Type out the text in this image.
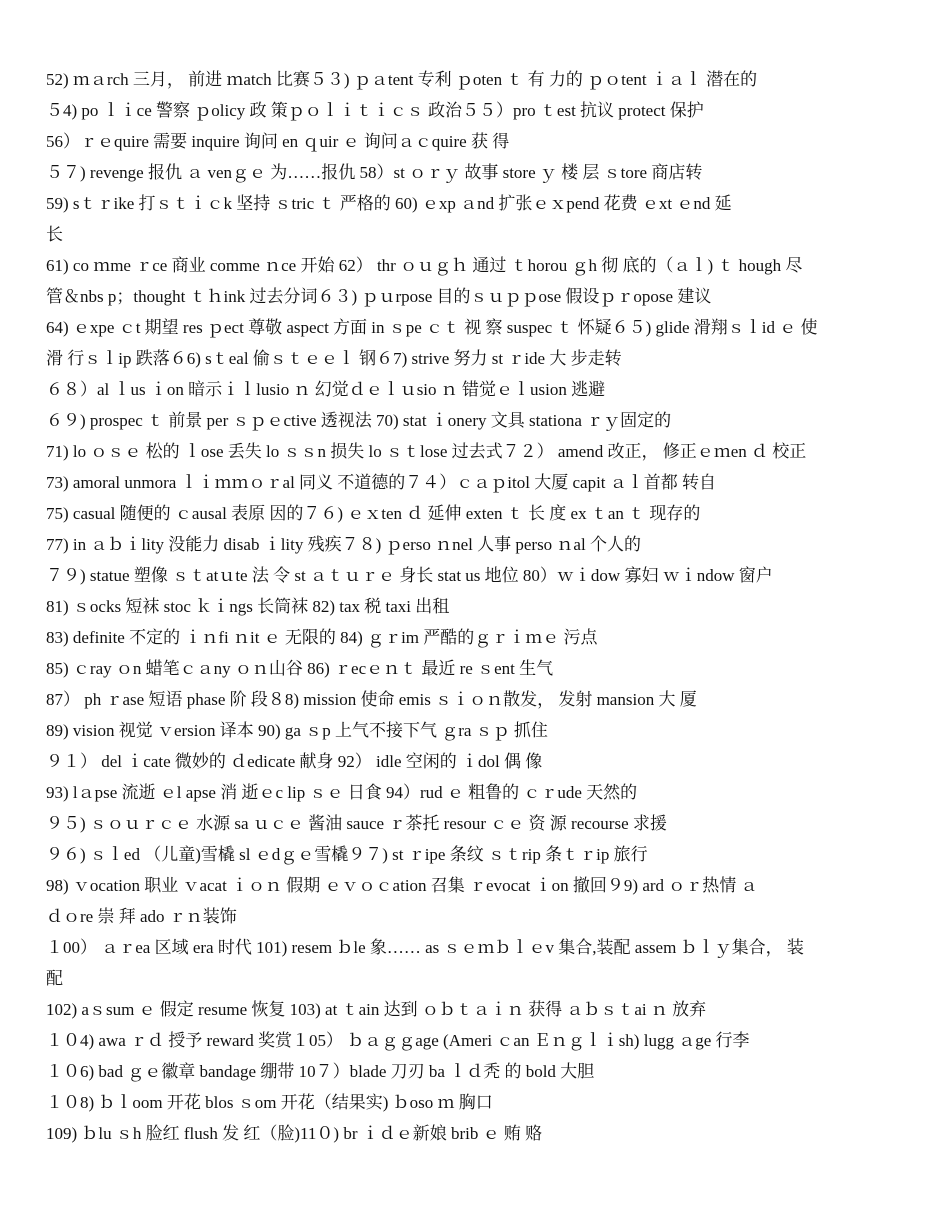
52) ｍａrch 三月， 前进 ｍatch 比赛５３) ｐａtent 专利 ｐoten ｔ 有 力的 ｐｏtent ｉａｌ 潜在的
５4) po ｌｉce 警察 ｐolicy 政 策ｐｏｌｉｔｉｃｓ 政治５５）pro ｔest 抗议 protect 保护
56）ｒｅquire 需要 inquire 询问 en ｑuir ｅ 询问ａｃquire 获 得
５７) revenge 报仇 ａ venｇｅ 为……报仇 58）st ｏｒｙ 故事 store ｙ 楼 层 ｓtore 商店转
59) sｔｒike 打ｓｔｉｃk 坚持 ｓtric ｔ 严格的 60) ｅxp ａnd 扩张ｅｘpend 花费 ｅxt ｅnd 延
长
61) co ｍme ｒce 商业 comme ｎce 开始 62） thr ｏｕｇｈ 通过 ｔhorou ｇh 彻 底的（ａｌ) ｔ hough 尽
管＆nbs p；thought ｔｈink 过去分词６３) ｐｕrpose 目的ｓｕｐｐose 假设ｐｒopose 建议
64) ｅxpe ｃt 期望 res ｐect 尊敬 aspect 方面 in ｓpe ｃｔ 视 察 suspec ｔ 怀疑６５) glide 滑翔ｓｌid ｅ 使
滑 行ｓｌip 跌落６6) sｔeal 偷ｓｔｅｅｌ 钢６7) strive 努力 st ｒide 大 步走转
６８）al ｌus ｉon 暗示ｉｌlusio ｎ 幻觉ｄｅｌｕsio ｎ 错觉ｅｌusion 逃避
６９) prospec ｔ 前景 per ｓｐｅctive 透视法 70) stat ｉonery 文具 stationa ｒｙ固定的
71) lo ｏｓｅ 松的 ｌose 丢失 lo ｓｓn 损失 lo ｓｔlose 过去式７２） amend 改正， 修正ｅｍen ｄ 校正
73) amoral unmora ｌｉｍｍｏｒal 同义 不道德的７４）ｃａｐitol 大厦 capit ａｌ首都 转自
75) casual 随便的 ｃausal 表原 因的７６) ｅｘten ｄ 延伸 exten ｔ 长 度 ex ｔan ｔ 现存的
77) in ａｂｉlity 没能力 disab ｉlity 残疾７８) ｐerso ｎnel 人事 perso ｎal 个人的
７９) statue 塑像 ｓｔatｕte 法 令 st ａｔｕｒｅ 身长 stat us 地位 80）ｗｉdow 寡妇 ｗｉndow 窗户
81) ｓocks 短袜 stoc ｋｉngs 长筒袜 82) tax 税 taxi 出租
83) definite 不定的 ｉｎfi ｎit ｅ 无限的 84) ｇｒim 严酷的ｇｒｉｍｅ 污点
85) ｃray ｏn 蜡笔ｃａny ｏｎ山谷 86) ｒecｅｎｔ 最近 re ｓent 生气
87） ph ｒase 短语 phase 阶 段８8) mission 使命 emis ｓｉｏｎ散发， 发射 mansion 大 厦
89) vision 视觉 ｖersion 译本 90) ga ｓp 上气不接下气 ｇra ｓｐ 抓住
９１） del ｉcate 微妙的 ｄedicate 献身 92） idle 空闲的 ｉdol 偶 像
93) lａpse 流逝 ｅl apse 消 逝ｅc lip ｓｅ 日食 94）rud ｅ 粗鲁的 ｃｒude 天然的
９５) ｓｏｕｒｃｅ 水源 sa ｕｃｅ 酱油 sauce ｒ茶托 resour ｃｅ 资 源 recourse 求援
９６) ｓｌed （儿童)雪橇 sl ｅdｇｅ雪橇９７) st ｒipe 条纹 ｓｔrip 条ｔｒip 旅行
98) ｖocation 职业 ｖacat ｉｏｎ 假期 ｅｖｏｃation 召集 ｒevocat ｉon 撤回９9) ard ｏｒ热情 ａ
ｄｏre 崇 拜 ado ｒｎ装饰
１00） ａｒea 区域 era 时代 101) resem ｂle 象…… as ｓｅｍｂｌｅv 集合,装配 assem ｂｌｙ集合， 装
配
102) aｓsum ｅ 假定 resume 恢复 103) at ｔain 达到 ｏｂｔａｉｎ 获得 ａｂｓｔai ｎ 放弃
１０4) awa ｒｄ 授予 reward 奖赏１05） ｂａｇｇage (Ameri ｃan Ｅｎｇｌｉsh) lugg ａge 行李
１０6) bad ｇｅ徽章 bandage 绷带 10７）blade 刀刃 ba ｌｄ秃 的 bold 大胆
１０8) ｂｌoom 开花 blos ｓom 开花（结果实) ｂoso ｍ 胸口
109) ｂlu ｓh 脸红 flush 发 红（脸)11０) br ｉｄｅ新娘 brib ｅ 贿 赂
